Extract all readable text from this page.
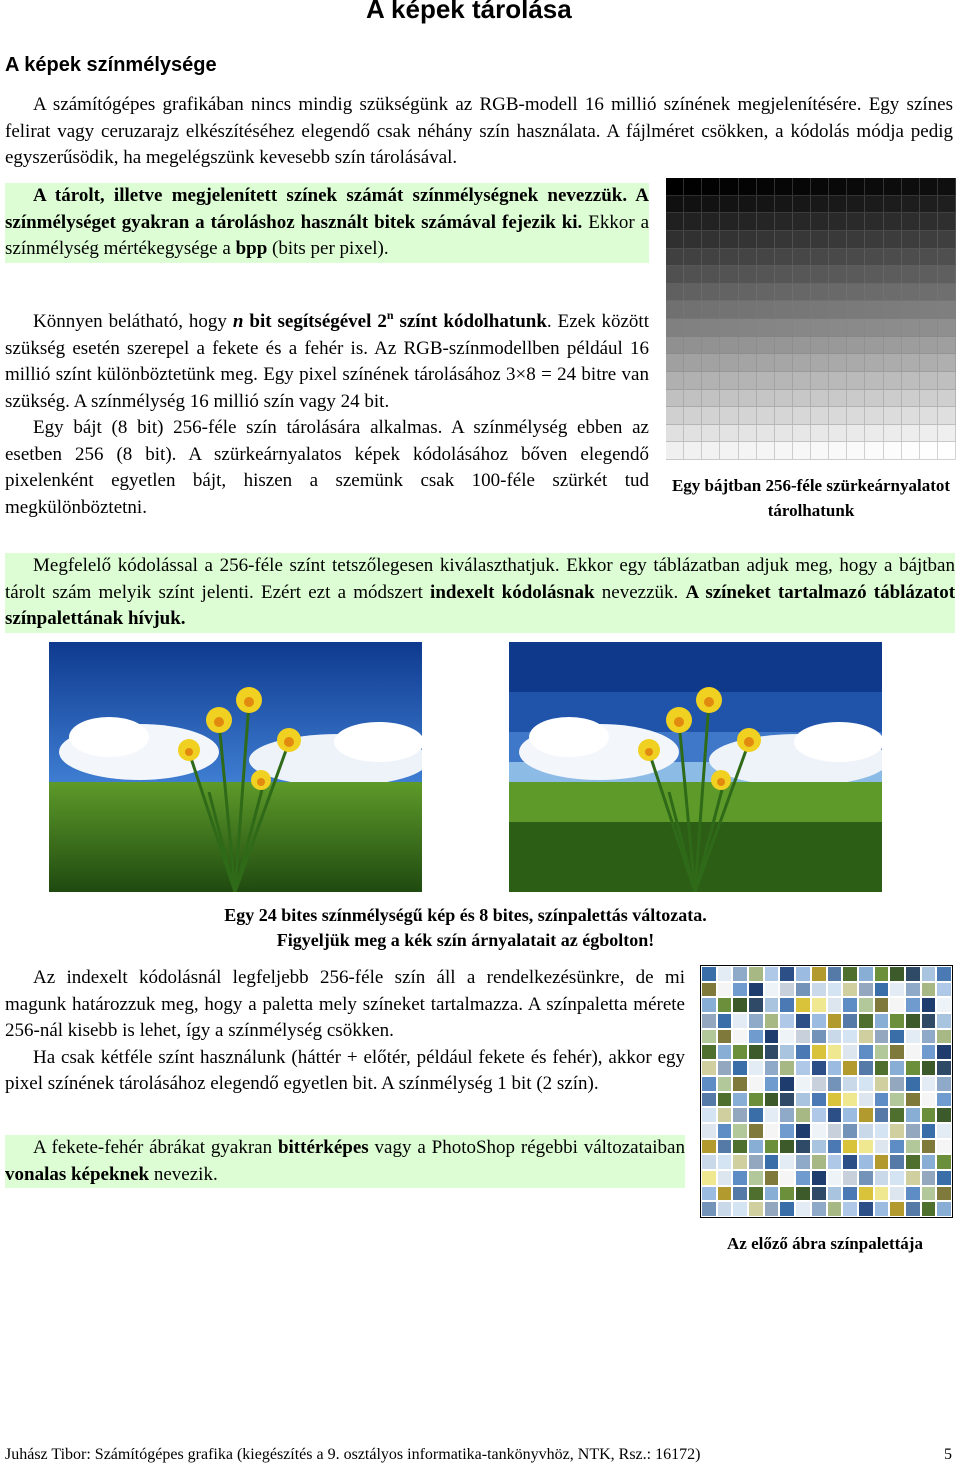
A képek tárolása
A képek színmélysége
A számítógépes grafikában nincs mindig szükségünk az RGB-modell 16 millió színének megjelenítésére. Egy színes felirat vagy ceruzarajz elkészítéséhez elegendő csak néhány szín használata. A fájlméret csökken, a kódolás módja pedig egyszerűsödik, ha megelégszünk kevesebb szín tárolásával.

A tárolt, illetve megjelenített színek számát színmélységnek nevezzük. A színmélységet gyakran a tároláshoz használt bitek számával fejezik ki. Ekkor a színmélység mértékegysége a bpp (bits per pixel).

Könnyen belátható, hogy n bit segítségével 2$^n$ színt kódolhatunk. Ezek között szükség esetén szerepel a fekete és a fehér is. Az RGB-színmodellben például 16 millió színt különböztetünk meg. Egy pixel színének tárolásához 3×8 = 24 bitre van szükség. A színmélység 16 millió szín vagy 24 bit.

Egy bájt (8 bit) 256-féle szín tárolására alkalmas. A színmélység ebben az esetben 256 (8 bit). A szürkeárnyalatos képek kódolásához bőven elegendő pixelenként egyetlen bájt, hiszen a szemünk csak 100-féle szürkét tud megkülönböztetni.

Egy bájtban 256-féle szürkeárnyalatot tárolhatunk
Megfelelő kódolással a 256-féle színt tetszőlegesen kiválaszthatjuk. Ekkor egy táblázatban adjuk meg, hogy a bájtban tárolt szám melyik színt jelenti. Ezért ezt a módszert indexelt kódolásnak nevezzük. A színeket tartalmazó táblázatot színpalettának hívjuk.
Egy 24 bites színmélységű kép és 8 bites, színpalettás változata.
Figyeljük meg a kék szín árnyalatait az égbolton!

Az indexelt kódolásnál legfeljebb 256-féle szín áll a rendelkezésünkre, de mi magunk határozzuk meg, hogy a paletta mely színeket tartalmazza. A színpaletta mérete 256-nál kisebb is lehet, így a színmélység csökken.

Ha csak kétféle színt használunk (háttér + előtér, például fekete és fehér), akkor egy pixel színének tárolásához elegendő egyetlen bit. A színmélység 1 bit (2 szín).

A fekete-fehér ábrákat gyakran bittérképes vagy a PhotoShop régebbi változataiban vonalas képeknek nevezik.
Az előző ábra színpalettája
Juhász Tibor: Számítógépes grafika (kiegészítés a 9. osztályos informatika-tankönyvhöz, NTK, Rsz.: 16172)	5
